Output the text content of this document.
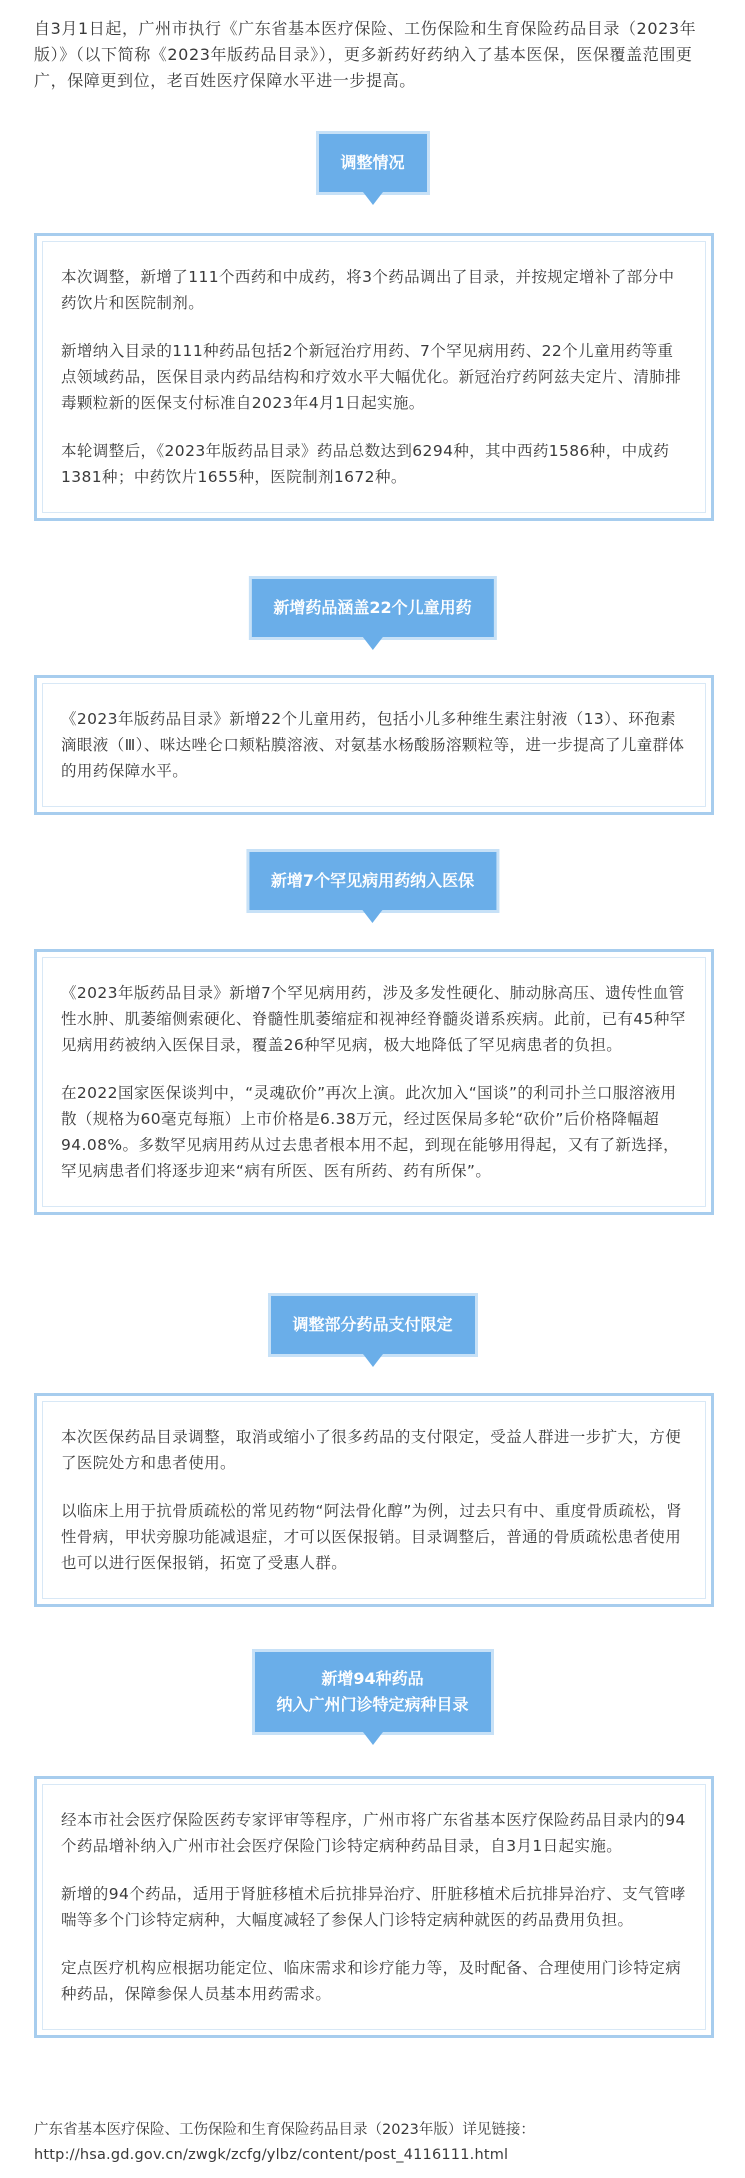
自3月1日起，广州市执行《广东省基本医疗保险、工伤保险和生育保险药品目录（2023年版）》（以下简称《2023年版药品目录》），更多新药好药纳入了基本医保，医保覆盖范围更广，保障更到位，老百姓医疗保障水平进一步提高。
调整情况

本次调整，新增了111个西药和中成药，将3个药品调出了目录，并按规定增补了部分中药饮片和医院制剂。

新增纳入目录的111种药品包括2个新冠治疗用药、7个罕见病用药、22个儿童用药等重点领域药品，医保目录内药品结构和疗效水平大幅优化。新冠治疗药阿兹夫定片、清肺排毒颗粒新的医保支付标准自2023年4月1日起实施。

本轮调整后，《2023年版药品目录》药品总数达到6294种，其中西药1586种，中成药1381种；中药饮片1655种，医院制剂1672种。

新增药品涵盖22个儿童用药

《2023年版药品目录》新增22个儿童用药，包括小儿多种维生素注射液（13）、环孢素滴眼液（Ⅲ）、咪达唑仑口颊粘膜溶液、对氨基水杨酸肠溶颗粒等，进一步提高了儿童群体的用药保障水平。

新增7个罕见病用药纳入医保

《2023年版药品目录》新增7个罕见病用药，涉及多发性硬化、肺动脉高压、遗传性血管性水肿、肌萎缩侧索硬化、脊髓性肌萎缩症和视神经脊髓炎谱系疾病。此前，已有45种罕见病用药被纳入医保目录，覆盖26种罕见病，极大地降低了罕见病患者的负担。

在2022国家医保谈判中，“灵魂砍价”再次上演。此次加入“国谈”的利司扑兰口服溶液用散（规格为60毫克每瓶）上市价格是6.38万元，经过医保局多轮“砍价”后价格降幅超94.08%。多数罕见病用药从过去患者根本用不起，到现在能够用得起，又有了新选择，罕见病患者们将逐步迎来“病有所医、医有所药、药有所保”。

调整部分药品支付限定

本次医保药品目录调整，取消或缩小了很多药品的支付限定，受益人群进一步扩大，方便了医院处方和患者使用。

以临床上用于抗骨质疏松的常见药物“阿法骨化醇”为例，过去只有中、重度骨质疏松，肾性骨病，甲状旁腺功能减退症，才可以医保报销。目录调整后，普通的骨质疏松患者使用也可以进行医保报销，拓宽了受惠人群。

新增94种药品
纳入广州门诊特定病种目录

经本市社会医疗保险医药专家评审等程序，广州市将广东省基本医疗保险药品目录内的94个药品增补纳入广州市社会医疗保险门诊特定病种药品目录，自3月1日起实施。

新增的94个药品，适用于肾脏移植术后抗排异治疗、肝脏移植术后抗排异治疗、支气管哮喘等多个门诊特定病种，大幅度减轻了参保人门诊特定病种就医的药品费用负担。

定点医疗机构应根据功能定位、临床需求和诊疗能力等，及时配备、合理使用门诊特定病种药品，保障参保人员基本用药需求。

广东省基本医疗保险、工伤保险和生育保险药品目录（2023年版）详见链接：
http://hsa.gd.gov.cn/zwgk/zcfg/ylbz/content/post_4116111.html
